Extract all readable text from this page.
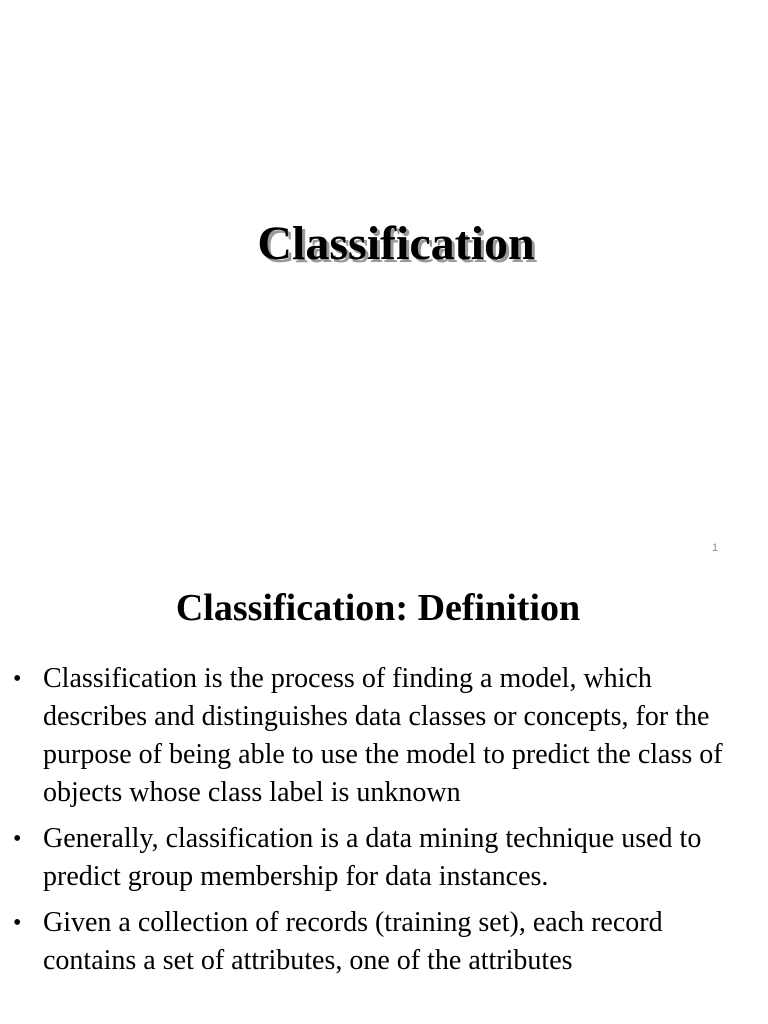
Classification
1
Classification: Definition
• Classification is the process of finding a model, which describes and distinguishes data classes or concepts, for the purpose of being able to use the model to predict the class of objects whose class label is unknown
• Generally, classification is a data mining technique used to predict group membership for data instances.
• Given a collection of records (training set), each record contains a set of attributes, one of the attributes
